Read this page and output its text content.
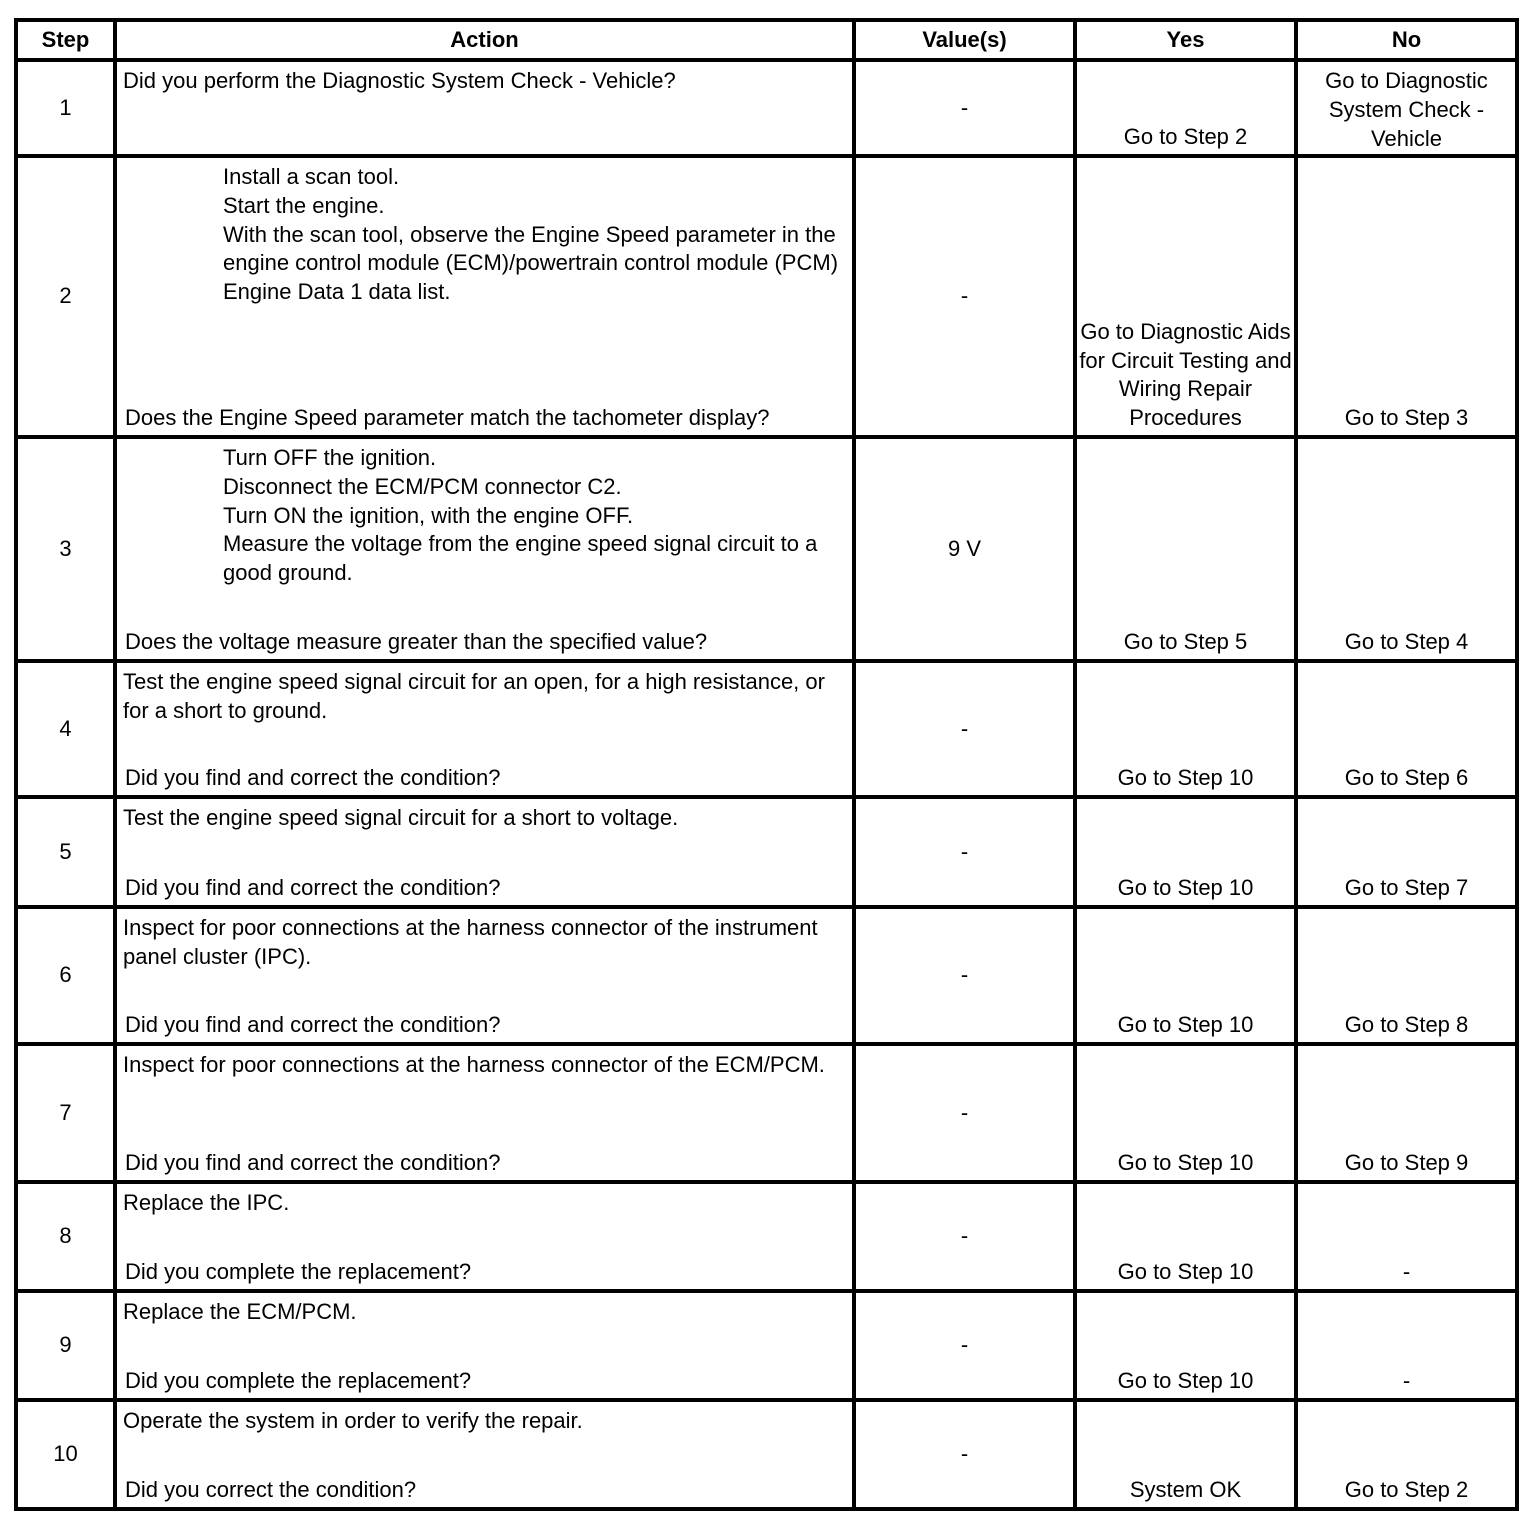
Step	Action	Value(s)	Yes	No
1	Did you perform the Diagnostic System Check - Vehicle?	-	Go to Step 2	Go to Diagnostic System Check - Vehicle

2	Install a scan tool.
Start the engine.
With the scan tool, observe the Engine Speed parameter in the engine control module (ECM)/powertrain control module (PCM) Engine Data 1 data list.
Does the Engine Speed parameter match the tachometer display?	-	Go to Diagnostic Aids for Circuit Testing and Wiring Repair Procedures	Go to Step 3

3	Turn OFF the ignition.
Disconnect the ECM/PCM connector C2.
Turn ON the ignition, with the engine OFF.
Measure the voltage from the engine speed signal circuit to a good ground.
Does the voltage measure greater than the specified value?	9 V	Go to Step 5	Go to Step 4

4	Test the engine speed signal circuit for an open, for a high resistance, or for a short to ground.
Did you find and correct the condition?	-	Go to Step 10	Go to Step 6

5	Test the engine speed signal circuit for a short to voltage.
Did you find and correct the condition?	-	Go to Step 10	Go to Step 7

6	Inspect for poor connections at the harness connector of the instrument panel cluster (IPC).
Did you find and correct the condition?	-	Go to Step 10	Go to Step 8

7	Inspect for poor connections at the harness connector of the ECM/PCM.
Did you find and correct the condition?	-	Go to Step 10	Go to Step 9

8	Replace the IPC.
Did you complete the replacement?	-	Go to Step 10	-

9	Replace the ECM/PCM.
Did you complete the replacement?	-	Go to Step 10	-

10	Operate the system in order to verify the repair.
Did you correct the condition?	-	System OK	Go to Step 2
